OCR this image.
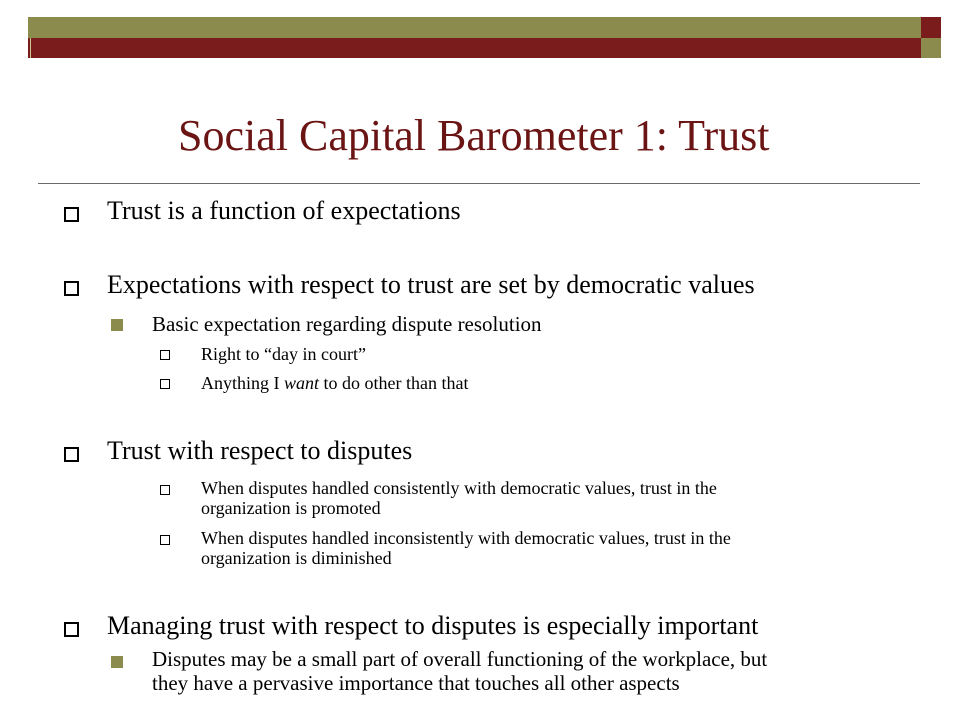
Social Capital Barometer 1: Trust
Trust is a function of expectations
Expectations with respect to trust are set by democratic values
Basic expectation regarding dispute resolution
Right to “day in court”
Anything I want to do other than that
Trust with respect to disputes
When disputes handled consistently with democratic values, trust in the
organization is promoted
When disputes handled inconsistently with democratic values, trust in the
organization is diminished
Managing trust with respect to disputes is especially important
Disputes may be a small part of overall functioning of the workplace, but
they have a pervasive importance that touches all other aspects
